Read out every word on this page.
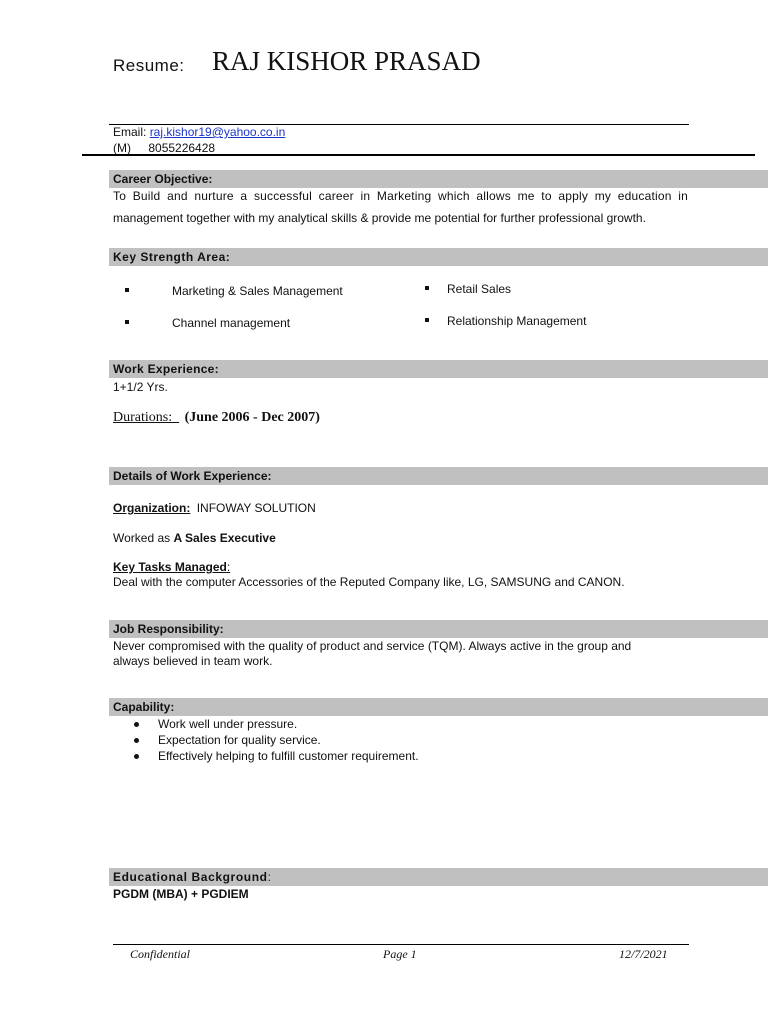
Resume: RAJ KISHOR PRASAD
Email: raj.kishor19@yahoo.co.in
(M) 8055226428
Career Objective:
To Build and nurture a successful career in Marketing which allows me to apply my education in
management together with my analytical skills & provide me potential for further professional growth.
Key Strength Area:
Marketing & Sales Management	Retail Sales
Channel management	Relationship Management
Work Experience:
1+1/2 Yrs.
Durations: (June 2006 - Dec 2007)
Details of Work Experience:
Organization: INFOWAY SOLUTION
Worked as A Sales Executive
Key Tasks Managed:
Deal with the computer Accessories of the Reputed Company like, LG, SAMSUNG and CANON.
Job Responsibility:
Never compromised with the quality of product and service (TQM). Always active in the group and
always believed in team work.
Capability:
Work well under pressure.
Expectation for quality service.
Effectively helping to fulfill customer requirement.
Educational Background:
PGDM (MBA) + PGDIEM
Confidential	Page 1	12/7/2021
